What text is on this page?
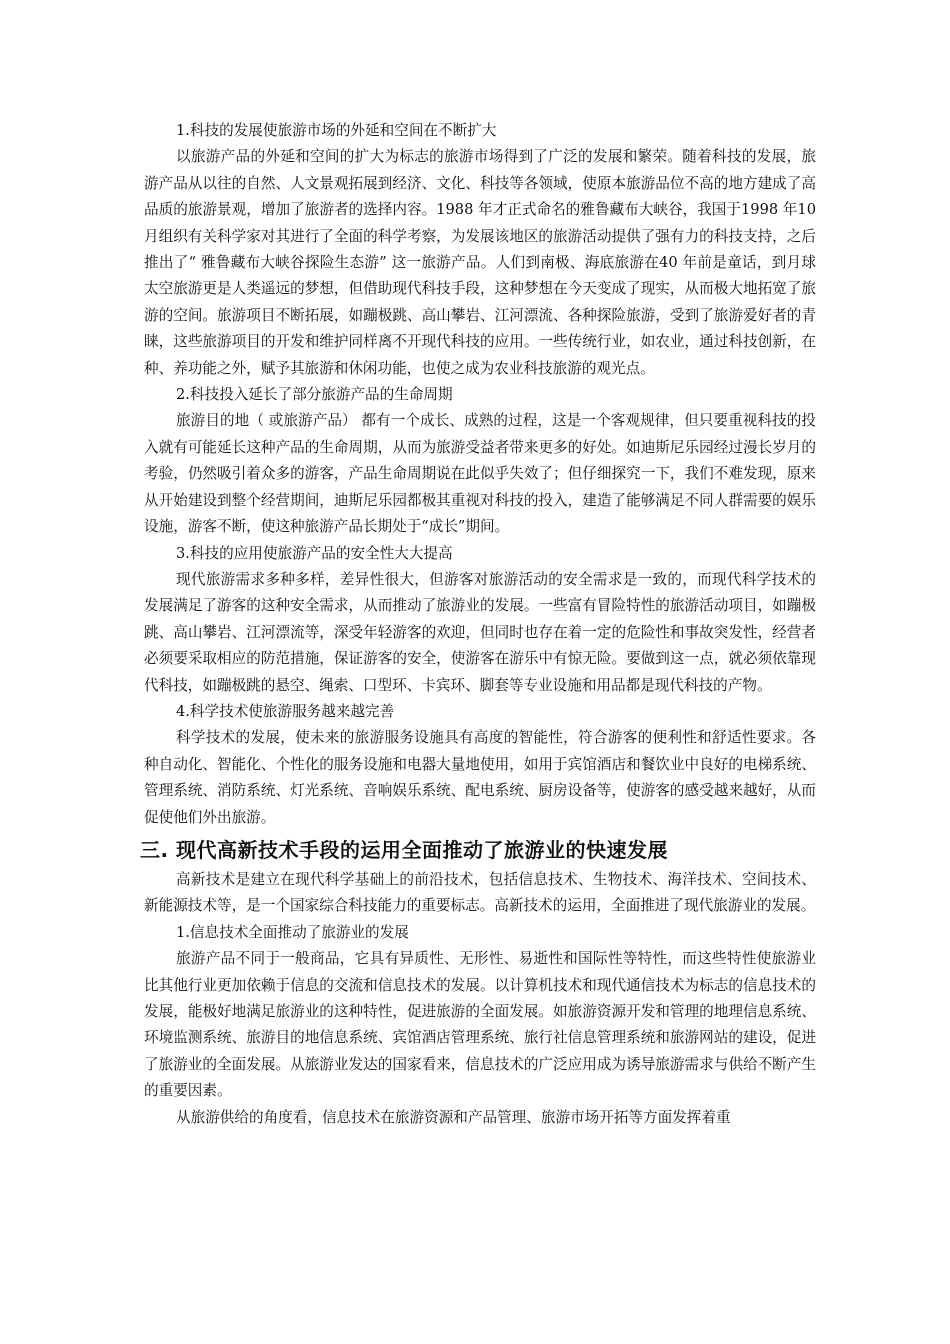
1.科技的发展使旅游市场的外延和空间在不断扩大

以旅游产品的外延和空间的扩大为标志的旅游市场得到了广泛的发展和繁荣。随着科技的发展，旅游产品从以往的自然、人文景观拓展到经济、文化、科技等各领域，使原本旅游品位不高的地方建成了高品质的旅游景观，增加了旅游者的选择内容。1988 年才正式命名的雅鲁藏布大峡谷，我国于1998 年10 月组织有关科学家对其进行了全面的科学考察，为发展该地区的旅游活动提供了强有力的科技支持，之后推出了“ 雅鲁藏布大峡谷探险生态游” 这一旅游产品。人们到南极、海底旅游在40 年前是童话，到月球太空旅游更是人类遥远的梦想，但借助现代科技手段，这种梦想在今天变成了现实，从而极大地拓宽了旅游的空间。旅游项目不断拓展，如蹦极跳、高山攀岩、江河漂流、各种探险旅游，受到了旅游爱好者的青睐，这些旅游项目的开发和维护同样离不开现代科技的应用。一些传统行业，如农业，通过科技创新，在种、养功能之外，赋予其旅游和休闲功能，也使之成为农业科技旅游的观光点。

2.科技投入延长了部分旅游产品的生命周期

旅游目的地（ 或旅游产品） 都有一个成长、成熟的过程，这是一个客观规律，但只要重视科技的投入就有可能延长这种产品的生命周期，从而为旅游受益者带来更多的好处。如迪斯尼乐园经过漫长岁月的考验，仍然吸引着众多的游客，产品生命周期说在此似乎失效了；但仔细探究一下，我们不难发现，原来从开始建设到整个经营期间，迪斯尼乐园都极其重视对科技的投入，建造了能够满足不同人群需要的娱乐设施，游客不断，使这种旅游产品长期处于“成长”期间。

3.科技的应用使旅游产品的安全性大大提高

现代旅游需求多种多样，差异性很大，但游客对旅游活动的安全需求是一致的，而现代科学技术的发展满足了游客的这种安全需求，从而推动了旅游业的发展。一些富有冒险特性的旅游活动项目，如蹦极跳、高山攀岩、江河漂流等，深受年轻游客的欢迎，但同时也存在着一定的危险性和事故突发性，经营者必须要采取相应的防范措施，保证游客的安全，使游客在游乐中有惊无险。要做到这一点，就必须依靠现代科技，如蹦极跳的悬空、绳索、口型环、卡宾环、脚套等专业设施和用品都是现代科技的产物。

4.科学技术使旅游服务越来越完善

科学技术的发展，使未来的旅游服务设施具有高度的智能性，符合游客的便利性和舒适性要求。各种自动化、智能化、个性化的服务设施和电器大量地使用，如用于宾馆酒店和餐饮业中良好的电梯系统、管理系统、消防系统、灯光系统、音响娱乐系统、配电系统、厨房设备等，使游客的感受越来越好，从而促使他们外出旅游。

三. 现代高新技术手段的运用全面推动了旅游业的快速发展

高新技术是建立在现代科学基础上的前沿技术，包括信息技术、生物技术、海洋技术、空间技术、新能源技术等，是一个国家综合科技能力的重要标志。高新技术的运用，全面推进了现代旅游业的发展。

1.信息技术全面推动了旅游业的发展

旅游产品不同于一般商品，它具有异质性、无形性、易逝性和国际性等特性，而这些特性使旅游业比其他行业更加依赖于信息的交流和信息技术的发展。以计算机技术和现代通信技术为标志的信息技术的发展，能极好地满足旅游业的这种特性，促进旅游的全面发展。如旅游资源开发和管理的地理信息系统、环境监测系统、旅游目的地信息系统、宾馆酒店管理系统、旅行社信息管理系统和旅游网站的建设，促进了旅游业的全面发展。从旅游业发达的国家看来，信息技术的广泛应用成为诱导旅游需求与供给不断产生的重要因素。

从旅游供给的角度看，信息技术在旅游资源和产品管理、旅游市场开拓等方面发挥着重
